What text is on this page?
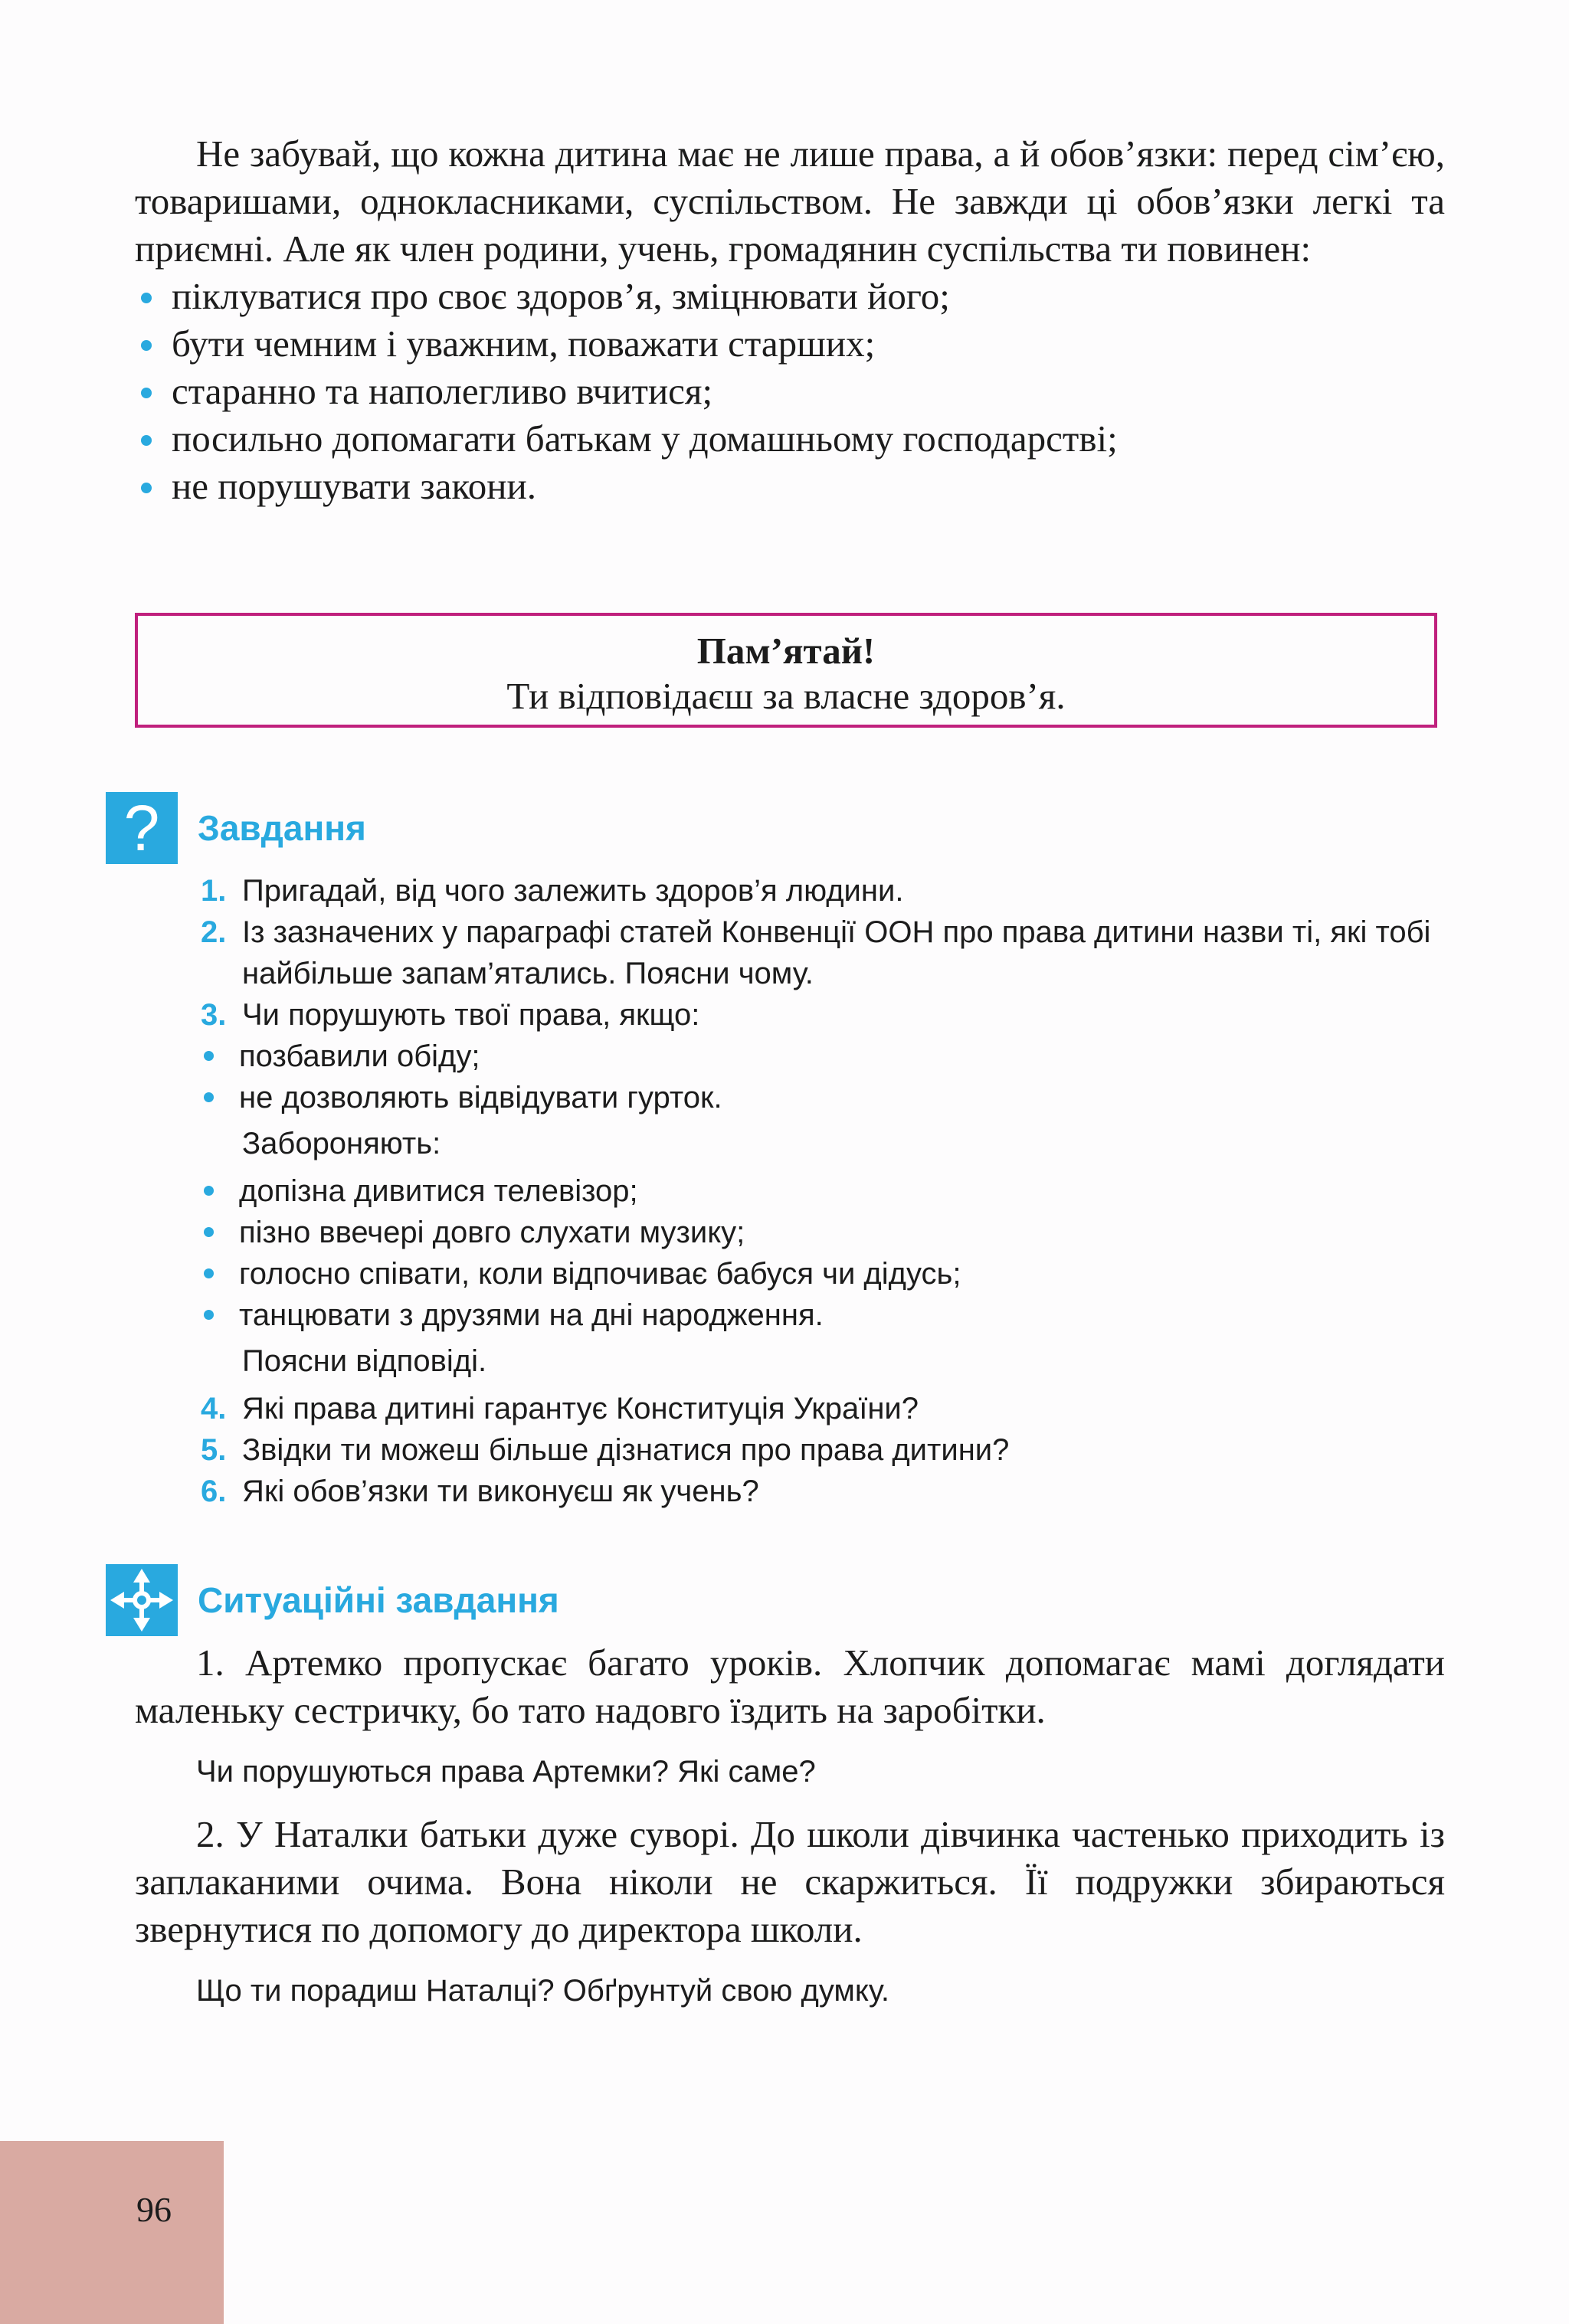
Не забувай, що кожна дитина має не лише права, а й обов’язки: перед сім’єю, товаришами, однокласниками, суспільством. Не завжди ці обов’язки легкі та приємні. Але як член родини, учень, громадянин суспільства ти повинен:

піклуватися про своє здоров’я, зміцнювати його;
бути чемним і уважним, поважати старших;
старанно та наполегливо вчитися;
посильно допомагати батькам у домашньому господарстві;
не порушувати закони.
Пам’ятай!
Ти відповідаєш за власне здоров’я.
? Завдання
1. Пригадай, від чого залежить здоров’я людини.
2. Із зазначених у параграфі статей Конвенції ООН про права дитини назви ті, які тобі найбільше запам’ятались. Поясни чому.
3. Чи порушують твої права, якщо:
позбавили обіду;
не дозволяють відвідувати гурток.
Забороняють:
допізна дивитися телевізор;
пізно ввечері довго слухати музику;
голосно співати, коли відпочиває бабуся чи дідусь;
танцювати з друзями на дні народження.
Поясни відповіді.
4. Які права дитині гарантує Конституція України?
5. Звідки ти можеш більше дізнатися про права дитини?
6. Які обов’язки ти виконуєш як учень?
Ситуаційні завдання

1. Артемко пропускає багато уроків. Хлопчик допомагає мамі доглядати маленьку сестричку, бо тато надовго їздить на заробітки.

Чи порушуються права Артемки? Які саме?

2. У Наталки батьки дуже суворі. До школи дівчинка частенько приходить із заплаканими очима. Вона ніколи не скаржиться. Її подружки збираються звернутися по допомогу до директора школи.

Що ти порадиш Наталці? Обґрунтуй свою думку.
96
